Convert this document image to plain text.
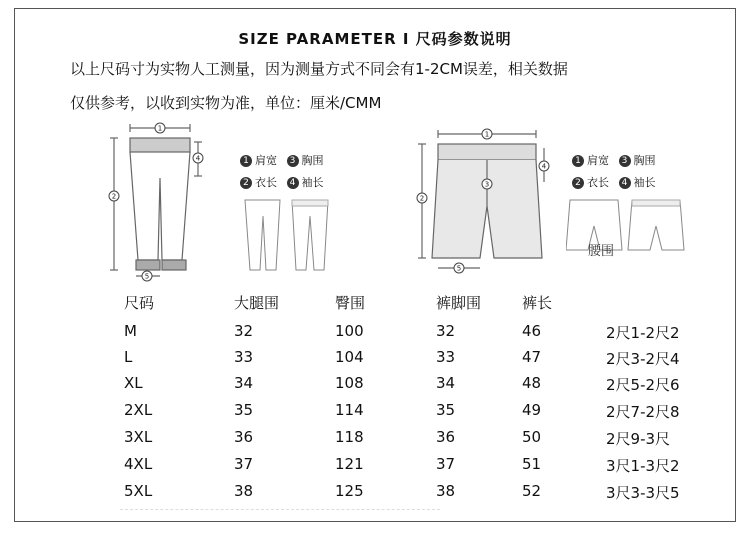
SIZE PARAMETER I 尺码参数说明
以上尺码寸为实物人工测量，因为测量方式不同会有1-2CM误差，相关数据
仅供参考，以收到实物为准，单位：厘米/CMM
1
2
4
5
1 肩宽 3 胸围
2 衣长 4 袖长
1
2
3
4
5
1 肩宽 3 胸围
2 衣长 4 袖长
腰围
尺码	大腿围	臀围	裤脚围	裤长
M	32	100	32	46	2尺1-2尺2
L	33	104	33	47	2尺3-2尺4
XL	34	108	34	48	2尺5-2尺6
2XL	35	114	35	49	2尺7-2尺8
3XL	36	118	36	50	2尺9-3尺
4XL	37	121	37	51	3尺1-3尺2
5XL	38	125	38	52	3尺3-3尺5
